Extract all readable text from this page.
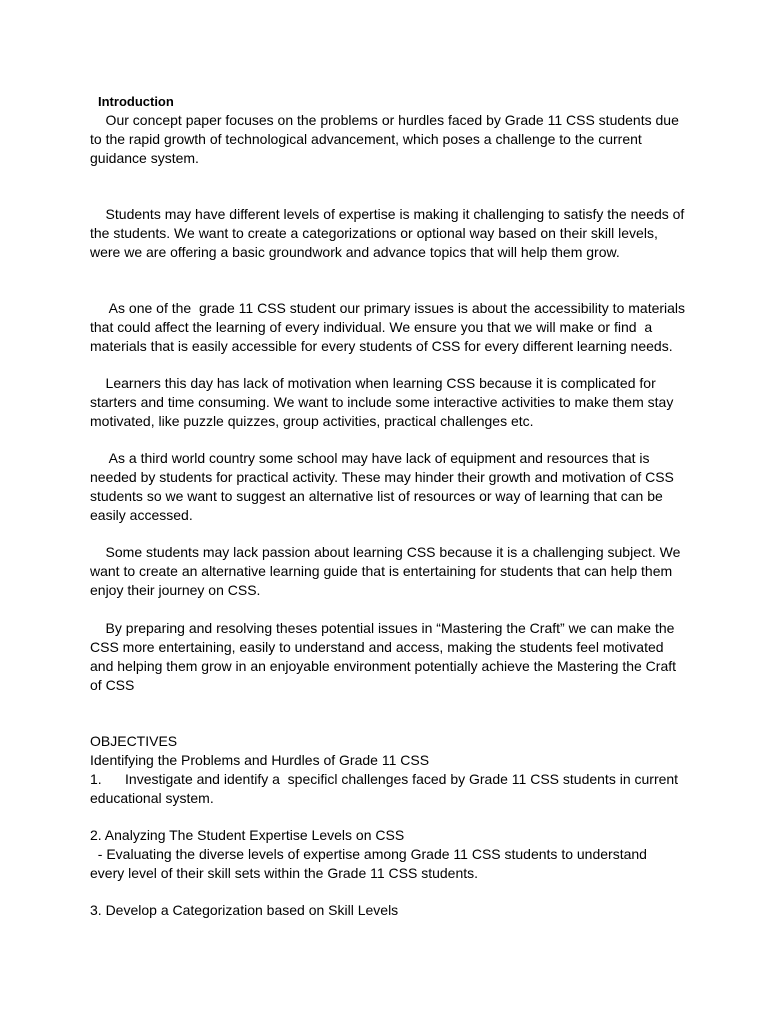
Introduction

Our concept paper focuses on the problems or hurdles faced by Grade 11 CSS students due

to the rapid growth of technological advancement, which poses a challenge to the current

guidance system.

Students may have different levels of expertise is making it challenging to satisfy the needs of

the students. We want to create a categorizations or optional way based on their skill levels,

were we are offering a basic groundwork and advance topics that will help them grow.

As one of the  grade 11 CSS student our primary issues is about the accessibility to materials

that could affect the learning of every individual. We ensure you that we will make or find  a

materials that is easily accessible for every students of CSS for every different learning needs.

Learners this day has lack of motivation when learning CSS because it is complicated for

starters and time consuming. We want to include some interactive activities to make them stay

motivated, like puzzle quizzes, group activities, practical challenges etc.

As a third world country some school may have lack of equipment and resources that is

needed by students for practical activity. These may hinder their growth and motivation of CSS

students so we want to suggest an alternative list of resources or way of learning that can be

easily accessed.

Some students may lack passion about learning CSS because it is a challenging subject. We

want to create an alternative learning guide that is entertaining for students that can help them

enjoy their journey on CSS.

By preparing and resolving theses potential issues in “Mastering the Craft” we can make the

CSS more entertaining, easily to understand and access, making the students feel motivated

and helping them grow in an enjoyable environment potentially achieve the Mastering the Craft

of CSS

OBJECTIVES

Identifying the Problems and Hurdles of Grade 11 CSS

1.      Investigate and identify a  specificl challenges faced by Grade 11 CSS students in current

educational system.

2. Analyzing The Student Expertise Levels on CSS

- Evaluating the diverse levels of expertise among Grade 11 CSS students to understand

every level of their skill sets within the Grade 11 CSS students.

3. Develop a Categorization based on Skill Levels
